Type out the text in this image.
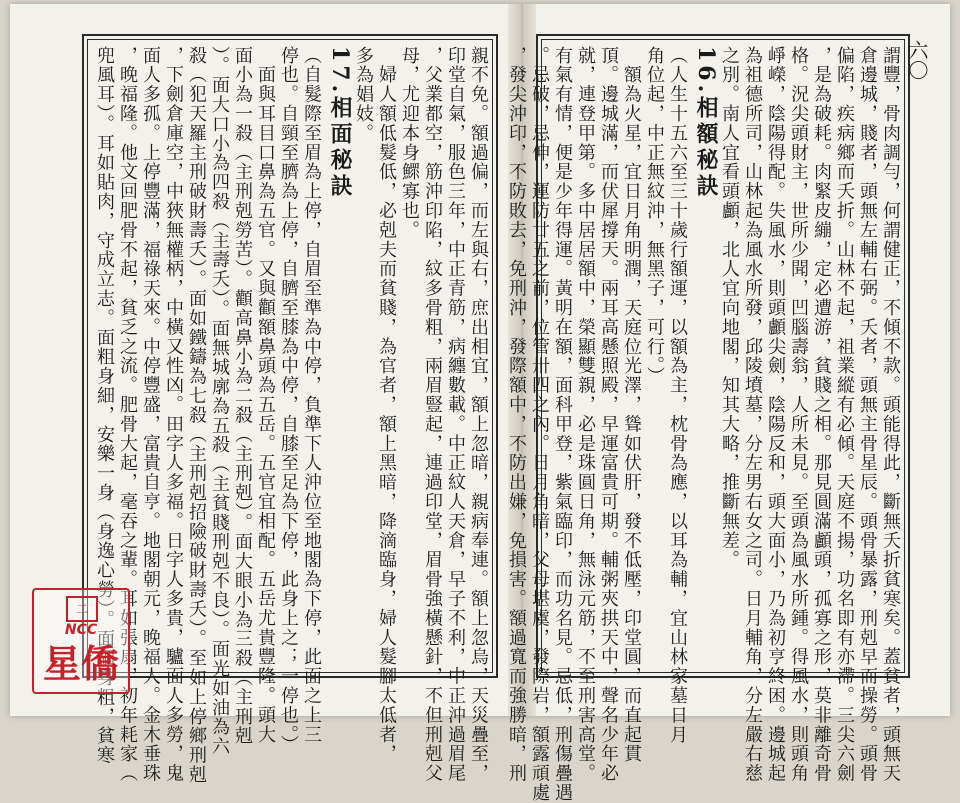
親不免。額過偏，而左與右，庶出相宜，額上忽暗，親病奉連。額上忽烏，天災疊至，
印堂自氣，服色三年，中正青筋，病纏數載。中正紋人天倉，早子不利，中正沖過眉尾
，父業都空，筋沖印陷，紋多骨粗，兩眉豎起，連過印堂，眉骨強橫懸針，不但刑剋父
母，尤迎本身鰥寡也。
　婦人額低髮低，必剋夫而貧賤，為官者，額上黑暗，降滴臨身，婦人髮腳太低者，
多為娼妓。
17.相面秘訣
（自髮際至眉為上停，自眉至準為中停，負準下人沖位至地閣為下停，此面之上三
停也。自頸至臍為上停，自臍至膝為中停，自膝至足為下停，此身上之；一停也。）
　面與耳目口鼻為五官。又與顴額鼻頭為五岳。五官宜相配。五岳尤貴豐隆。頭大
面小為一殺（主刑剋勞苦）。顴高鼻小為二殺（主刑剋）。面大眼小為三殺（主刑剋
）。面大口小為四殺（主壽夭）。面無城廓為五殺（主貧賤刑剋不良）。面光如油為六
殺（犯天羅主刑破財壽夭）。面如鐵鑄為七殺（主刑剋招險破財壽夭）。至如上停鄉刑剋
，下劍倉庫空，中狹無權柄，中橫又性凶。田字人多福。日字人多貴，驢面人多勞，鬼
面人多孤。上停豐滿，福祿天來。中停豐盛，富貴自亨。地閣朝元，晚福人。金木垂珠
，晚福隆。他文回肥骨不起，貧乏之流。肥骨大起，毫吞之輩。耳如張扇，初年耗家（
兜風耳）。耳如貼肉，守成立志。面粗身細，安樂一身（身逸心勞）。面細身粗，貧寒
二
NCC
星僑	謂豐，骨肉調勻，何謂健正，不傾不款。頭能得此，斷無夭折貧寒矣。蓋貧者，頭無天
倉邊城，賤者，頭無左輔右弼。夭者，頭無主骨星辰。頭骨暴露，刑剋早而操勞。頭骨
偏陷，疾病鄉而夭折。山林不起，祖業縱有必傾。天庭不揚，功名即有亦滯。三尖六劍
，是為破耗。肉緊皮繃，定必遭游，貧賤之相。那見圓滿顱頭，孤寡之形，莫非離奇骨
格。況尖頭財主，世所少聞，凹腦壽翁，人所未見。至頭為風水所鍾。得風水，則頭角
崢嶸，陰陽得配。失風水，則頭顱尖劍，陰陽反和，頭大面小，乃為初亨終困。邊城起
為祖德所司，山林起為風水所發，邱陵墳墓，分左男右女之司。日月輔角，分左嚴右慈
之別。南人宜看頭顱，北人宜向地閣，知其大略，推斷無差。
16.相額秘訣
（人生十五六至三十歲行額運，以額為主，枕骨為應，以耳為輔，宜山林家墓日月
角位起，中正無紋沖，無黑子，可行。）
　額為火星，宜日月角明潤，天庭位光澤，聳如伏肝，發不低壓，印堂圓，而直起貫
頂。邊城滿，而伏犀撐天。兩耳高懸照殿，早運富貴可期。輔粥夾拱天中，聲名少年必
就，連登甲第。多中居居額中，榮顯雙親，必是珠圓日角，無泳元筋，不至刑害高堂。
有氣有情，便是少年得運。黃明在額，面科甲登，紫氣臨印，而功名見。忌低，刑傷疊遇
。忌破，忌伸，運防廿五之前，位管卅四之內。日月角暗，父母堪虞，發際岩，額露頑處
，發尖沖印，不防敗去，免刑沖，發際額中，不防出嫌，免損害。額過寬而強勝暗，刑	六〇
